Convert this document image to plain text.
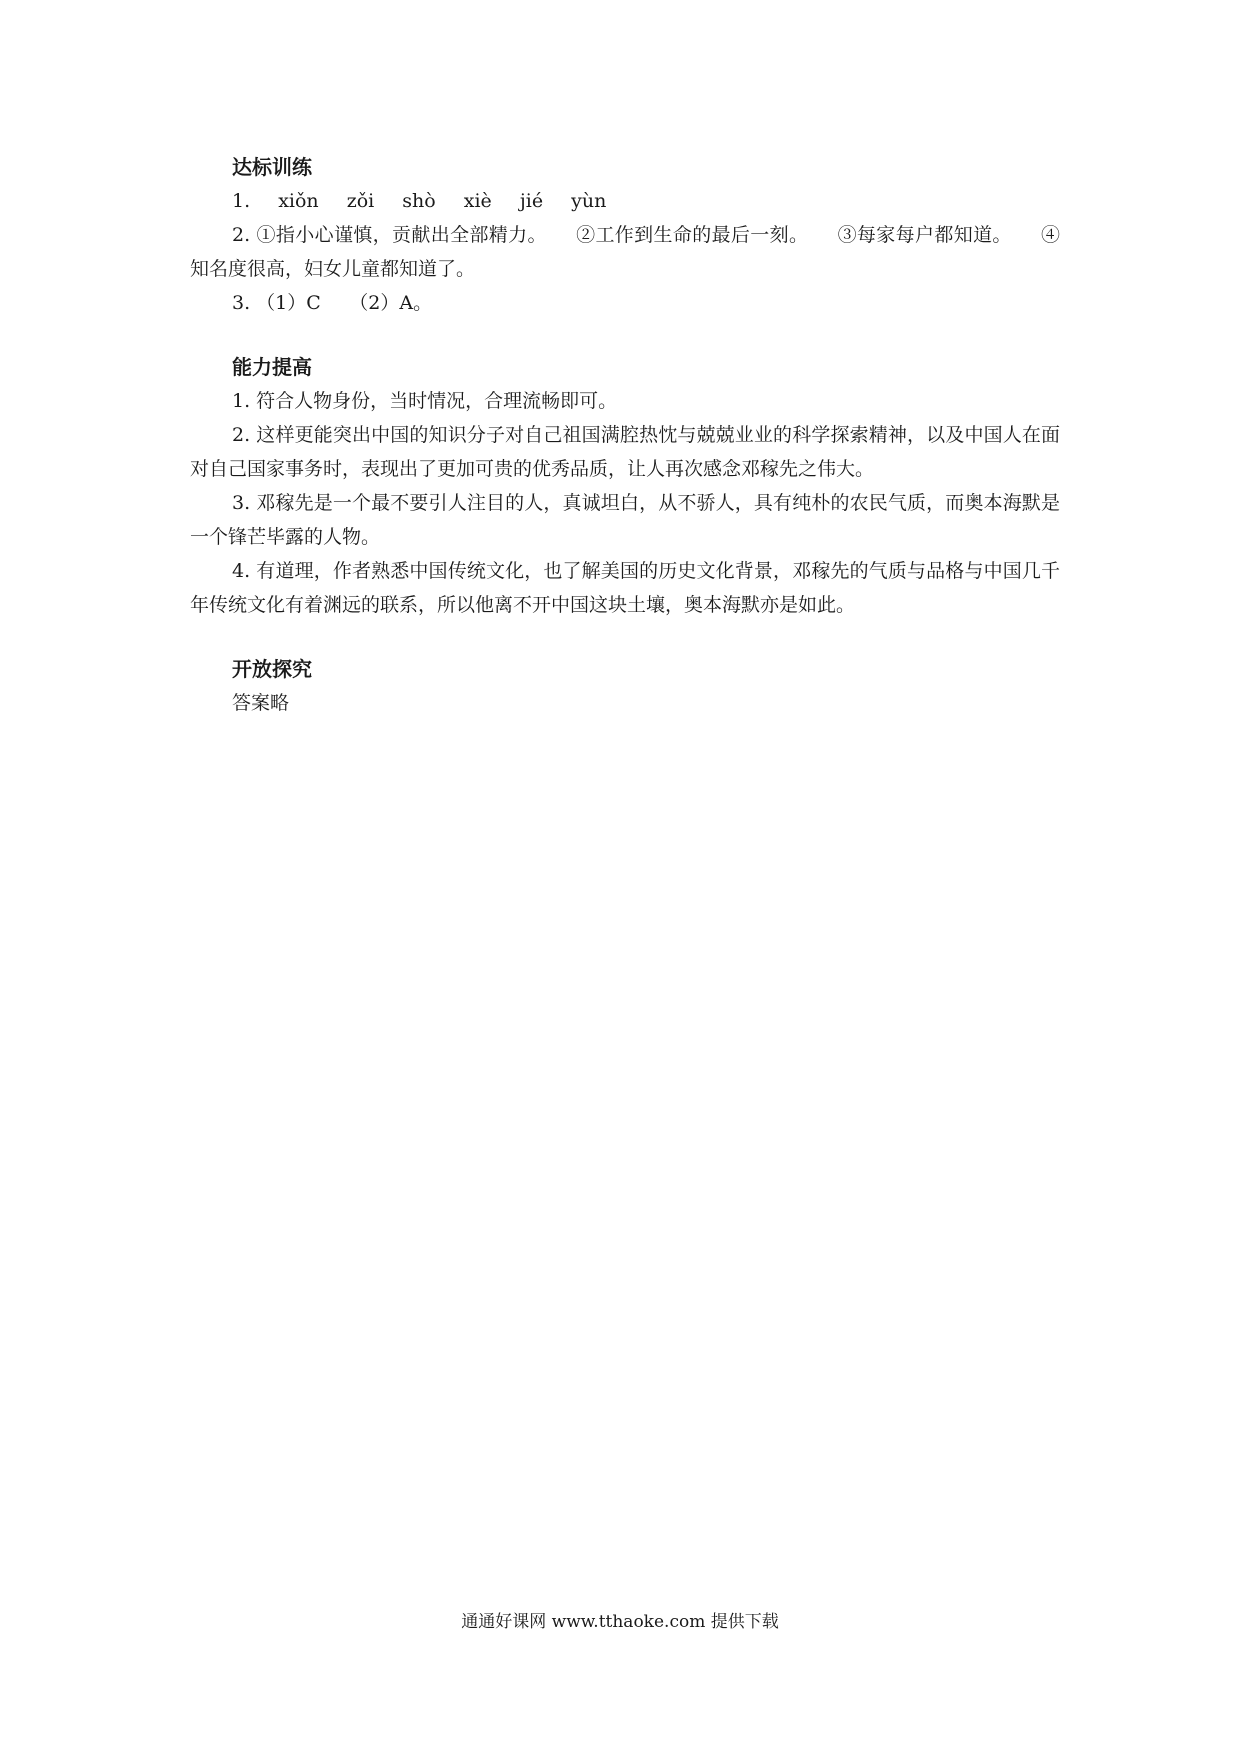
达标训练
1. xiǒn zǒi shò xiè jié yùn

2. ①指小心谨慎，贡献出全部精力。　　②工作到生命的最后一刻。　　③每家每户都知道。　　④知名度很高，妇女儿童都知道了。

3. （1）C　　（2）A。
能力提高

1. 符合人物身份，当时情况，合理流畅即可。

2. 这样更能突出中国的知识分子对自己祖国满腔热忱与兢兢业业的科学探索精神，以及中国人在面对自己国家事务时，表现出了更加可贵的优秀品质，让人再次感念邓稼先之伟大。

3. 邓稼先是一个最不要引人注目的人，真诚坦白，从不骄人，具有纯朴的农民气质，而奥本海默是一个锋芒毕露的人物。

4. 有道理，作者熟悉中国传统文化，也了解美国的历史文化背景，邓稼先的气质与品格与中国几千年传统文化有着渊远的联系，所以他离不开中国这块土壤，奥本海默亦是如此。

开放探究

答案略

通通好课网 www.tthaoke.com 提供下载
